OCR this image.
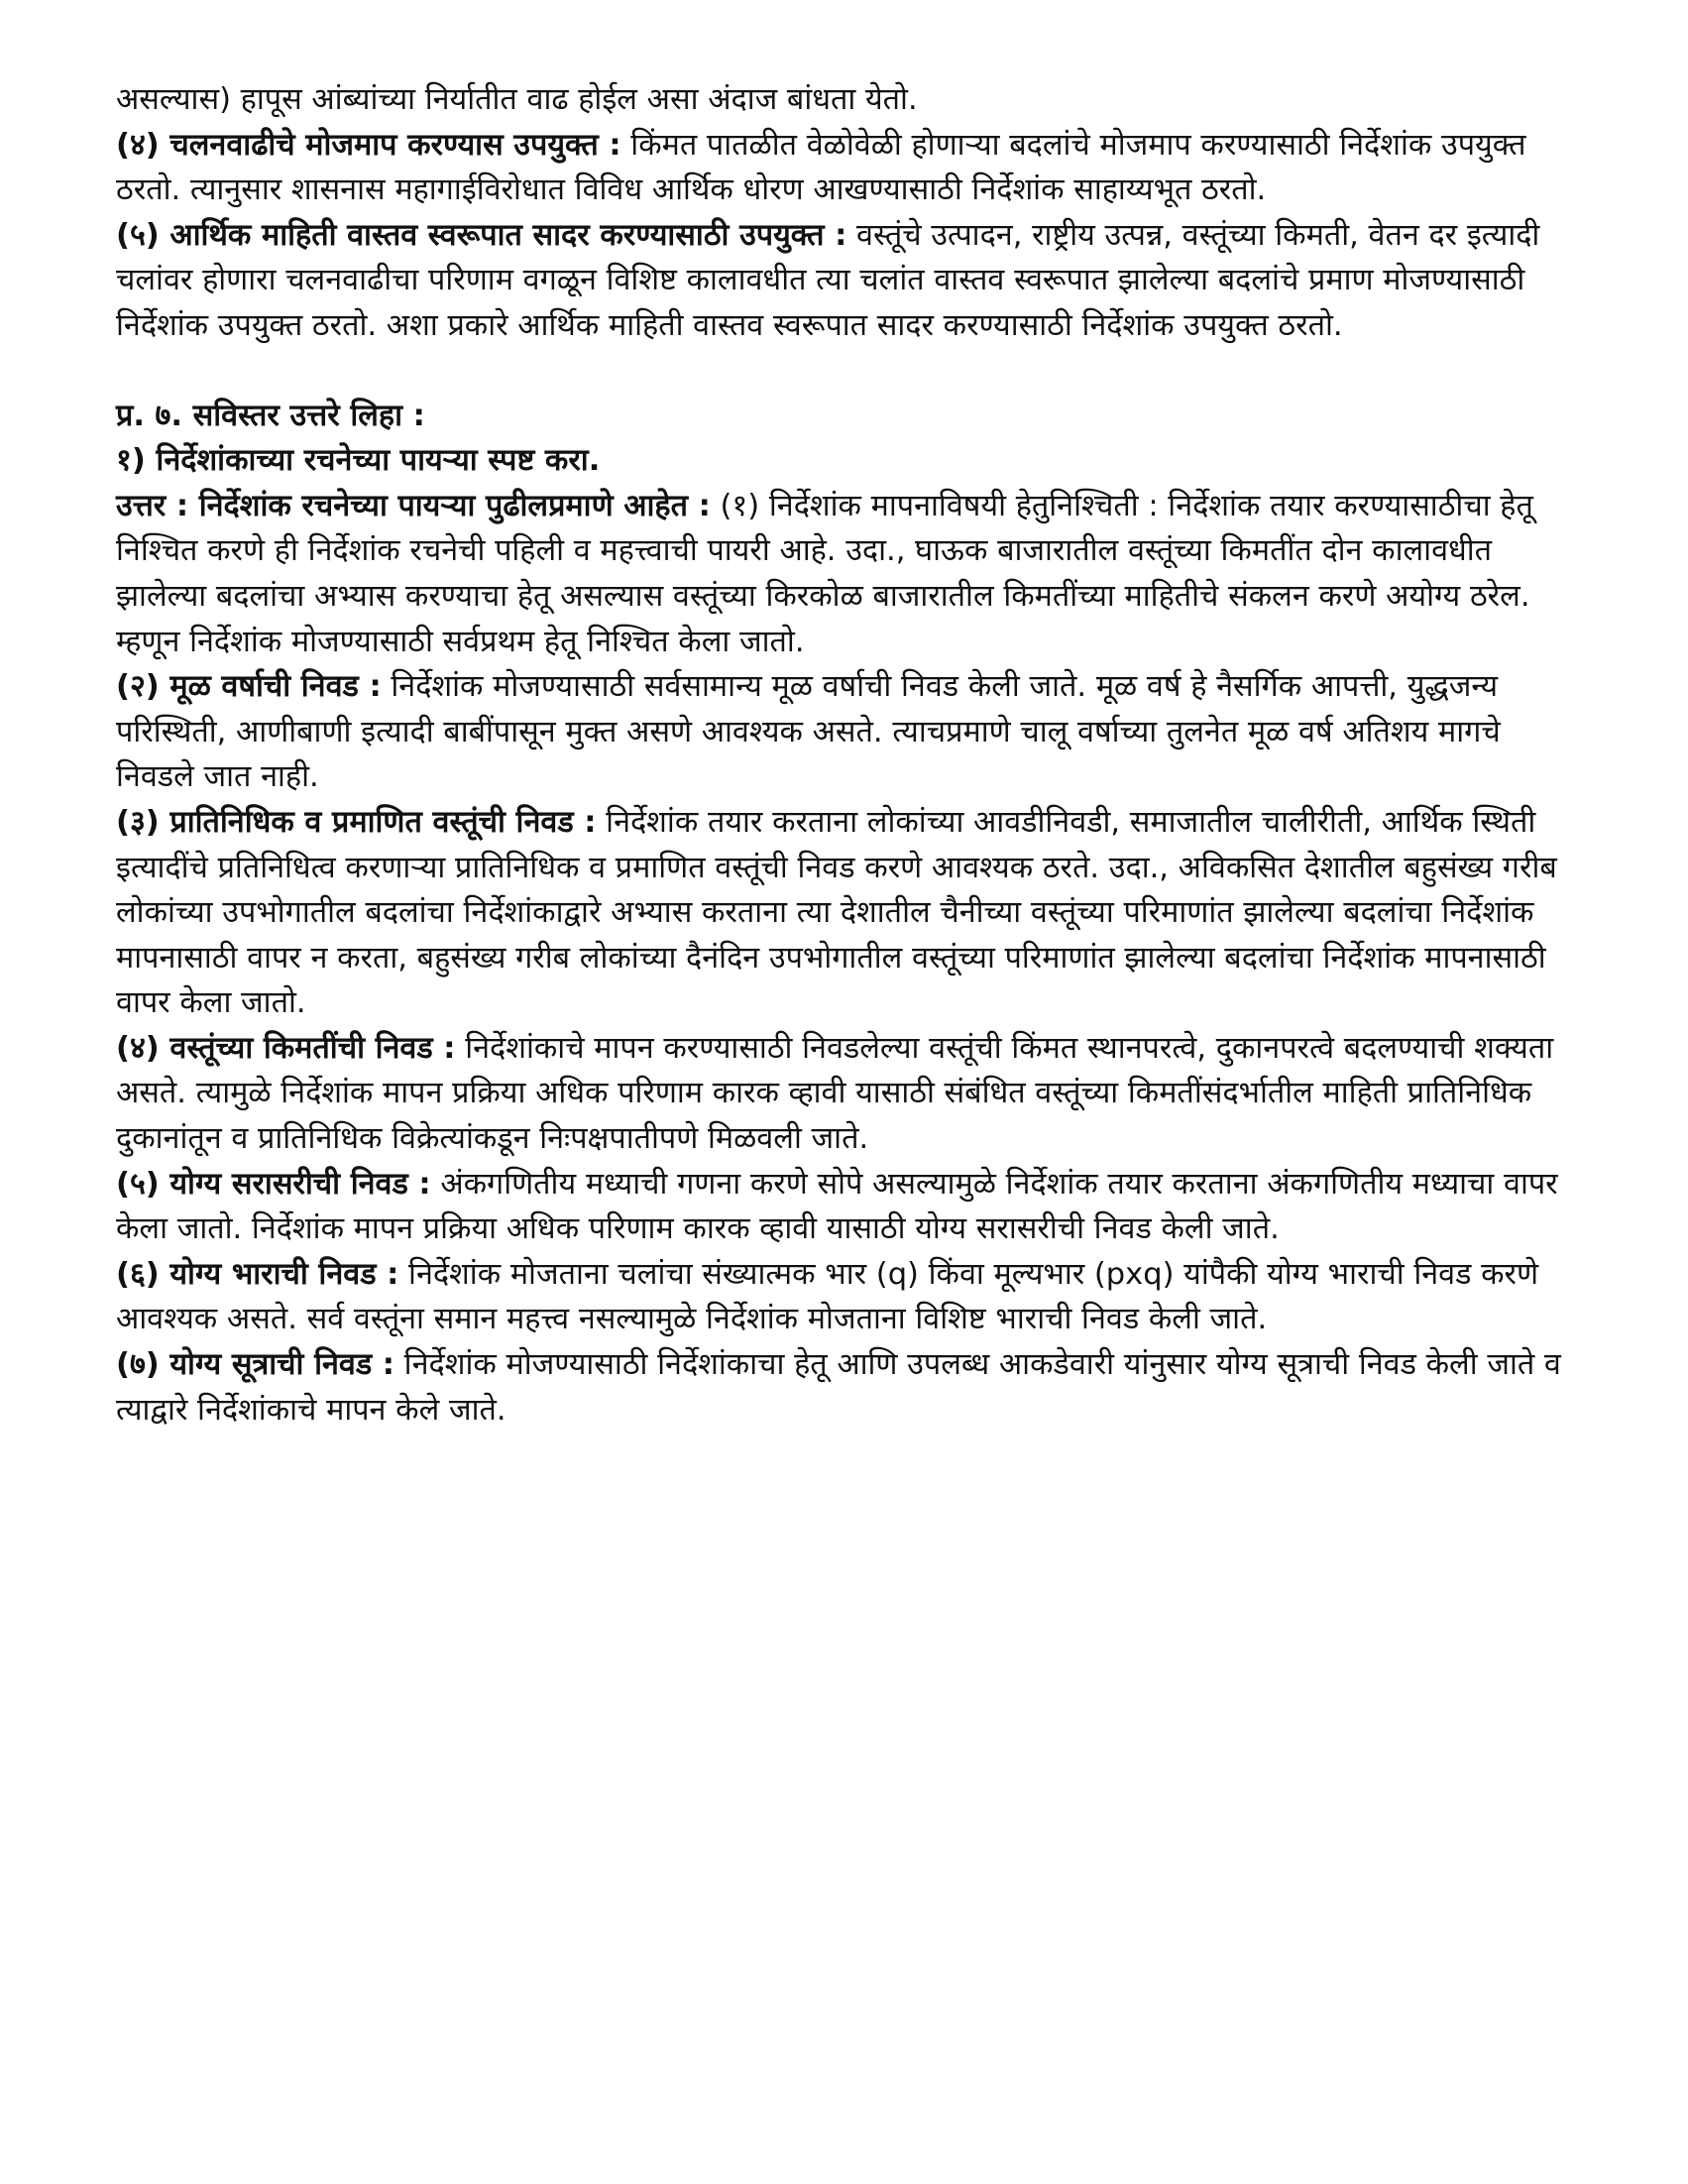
असल्यास) हापूस आंब्यांच्या निर्यातीत वाढ होईल असा अंदाज बांधता येतो.

(४) चलनवाढीचे मोजमाप करण्यास उपयुक्त : किंमत पातळीत वेळोवेळी होणाऱ्या बदलांचे मोजमाप करण्यासाठी निर्देशांक उपयुक्त ठरतो. त्यानुसार शासनास महागाईविरोधात विविध आर्थिक धोरण आखण्यासाठी निर्देशांक साहाय्यभूत ठरतो.

(५) आर्थिक माहिती वास्तव स्वरूपात सादर करण्यासाठी उपयुक्त : वस्तूंचे उत्पादन, राष्ट्रीय उत्पन्न, वस्तूंच्या किमती, वेतन दर इत्यादी चलांवर होणारा चलनवाढीचा परिणाम वगळून विशिष्ट कालावधीत त्या चलांत वास्तव स्वरूपात झालेल्या बदलांचे प्रमाण मोजण्यासाठी निर्देशांक उपयुक्त ठरतो. अशा प्रकारे आर्थिक माहिती वास्तव स्वरूपात सादर करण्यासाठी निर्देशांक उपयुक्त ठरतो.

प्र. ७. सविस्तर उत्तरे लिहा :

१) निर्देशांकाच्या रचनेच्या पायऱ्या स्पष्ट करा.

उत्तर : निर्देशांक रचनेच्या पायऱ्या पुढीलप्रमाणे आहेत : (१) निर्देशांक मापनाविषयी हेतुनिश्चिती : निर्देशांक तयार करण्यासाठीचा हेतू निश्चित करणे ही निर्देशांक रचनेची पहिली व महत्त्वाची पायरी आहे. उदा., घाऊक बाजारातील वस्तूंच्या किमतींत दोन कालावधीत झालेल्या बदलांचा अभ्यास करण्याचा हेतू असल्यास वस्तूंच्या किरकोळ बाजारातील किमतींच्या माहितीचे संकलन करणे अयोग्य ठरेल. म्हणून निर्देशांक मोजण्यासाठी सर्वप्रथम हेतू निश्चित केला जातो.

(२) मूळ वर्षाची निवड : निर्देशांक मोजण्यासाठी सर्वसामान्य मूळ वर्षाची निवड केली जाते. मूळ वर्ष हे नैसर्गिक आपत्ती, युद्धजन्य परिस्थिती, आणीबाणी इत्यादी बाबींपासून मुक्त असणे आवश्यक असते. त्याचप्रमाणे चालू वर्षाच्या तुलनेत मूळ वर्ष अतिशय मागचे निवडले जात नाही.

(३) प्रातिनिधिक व प्रमाणित वस्तूंची निवड : निर्देशांक तयार करताना लोकांच्या आवडीनिवडी, समाजातील चालीरीती, आर्थिक स्थिती इत्यादींचे प्रतिनिधित्व करणाऱ्या प्रातिनिधिक व प्रमाणित वस्तूंची निवड करणे आवश्यक ठरते. उदा., अविकसित देशातील बहुसंख्य गरीब लोकांच्या उपभोगातील बदलांचा निर्देशांकाद्वारे अभ्यास करताना त्या देशातील चैनीच्या वस्तूंच्या परिमाणांत झालेल्या बदलांचा निर्देशांक मापनासाठी वापर न करता, बहुसंख्य गरीब लोकांच्या दैनंदिन उपभोगातील वस्तूंच्या परिमाणांत झालेल्या बदलांचा निर्देशांक मापनासाठी वापर केला जातो.

(४) वस्तूंच्या किमतींची निवड : निर्देशांकाचे मापन करण्यासाठी निवडलेल्या वस्तूंची किंमत स्थानपरत्वे, दुकानपरत्वे बदलण्याची शक्यता असते. त्यामुळे निर्देशांक मापन प्रक्रिया अधिक परिणाम कारक व्हावी यासाठी संबंधित वस्तूंच्या किमतींसंदर्भातील माहिती प्रातिनिधिक दुकानांतून व प्रातिनिधिक विक्रेत्यांकडून निःपक्षपातीपणे मिळवली जाते.

(५) योग्य सरासरीची निवड : अंकगणितीय मध्याची गणना करणे सोपे असल्यामुळे निर्देशांक तयार करताना अंकगणितीय मध्याचा वापर केला जातो. निर्देशांक मापन प्रक्रिया अधिक परिणाम कारक व्हावी यासाठी योग्य सरासरीची निवड केली जाते.

(६) योग्य भाराची निवड : निर्देशांक मोजताना चलांचा संख्यात्मक भार (q) किंवा मूल्यभार (pxq) यांपैकी योग्य भाराची निवड करणे आवश्यक असते. सर्व वस्तूंना समान महत्त्व नसल्यामुळे निर्देशांक मोजताना विशिष्ट भाराची निवड केली जाते.

(७) योग्य सूत्राची निवड : निर्देशांक मोजण्यासाठी निर्देशांकाचा हेतू आणि उपलब्ध आकडेवारी यांनुसार योग्य सूत्राची निवड केली जाते व त्याद्वारे निर्देशांकाचे मापन केले जाते.
